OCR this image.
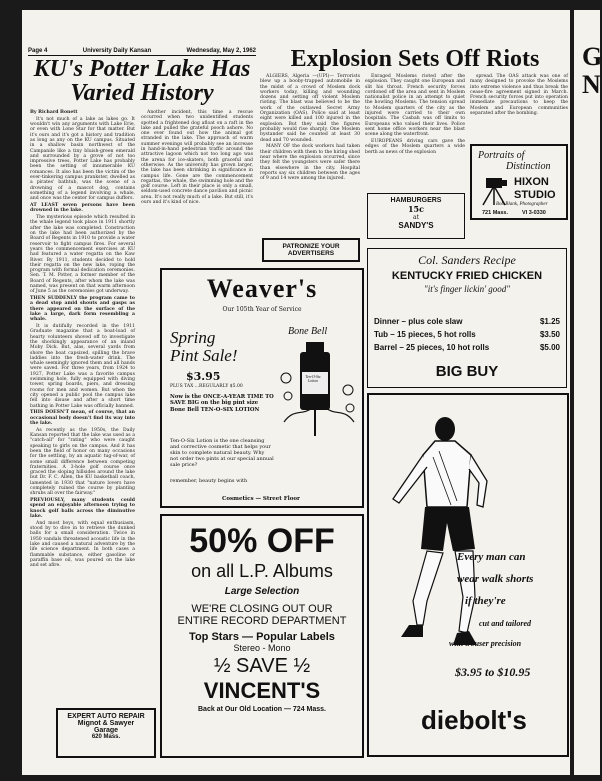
G
N
Page 4	University Daily Kansan	Wednesday, May 2, 1962
KU's Potter Lake Has Varied History

By Richard Bonett

It's not much of a lake as lakes go. It wouldn't win any arguments with Lake Erie, or even with Lone Star for that matter. But it's ours and it's got a history and tradition as long as any on the KU campus. Situated in a shallow basin northwest of the Campanile like a tiny bluish-green emerald and surrounded by a grove of not too impressive trees, Potter Lake has probably been the setting of innumerable KU romances. It also has been the victim of the ever-tinkering campus prankster, dwelled as a pirates' bathtub, was the scene of a drowning of a mascot dog, contains something of a legend involving a whale, and once was the center for campus duffers.

AT LEAST seven persons have been drowned in the lake.

The mysterious episode which resulted in the whale legend took place in 1911 shortly after the lake was completed. Construction on the lake had been authorized by the Board of Regents in 1910 to provide a water reservoir to fight campus fires. For several years the commencement exercises at KU had featured a water regatta on the Kaw River. By 1911, students decided to hold their regatta on the new lake, roping the program with formal dedication ceremonies. Sen. T. M. Potter, a former member of the Board of Regents, after whom the lake was named, was present on that warm afternoon of June 5 as the ceremonies got underway.

THEN SUDDENLY the program came to a dead stop amid shouts and gasps as there appeared on the surface of the lake a large, dark form resembling a whale.

It is dutifully recorded in the 1911 Graduate magazine that a boat-load of hearty volunteers shoved off to investigate the shockingly appearance of an inland Moby Dick. But, alas, several yards from shore the boat capsized, spilling the brave laddies into the fresh-water drink. The whale seemingly ignored them and all hands were saved. For three years, from 1924 to 1927, Potter Lake was a favorite campus swimming hole, fully equipped with diving tower, spring boards, piers, and dressing rooms for men and women. But when the city opened a public pool the campus lake fell into disuse and after a short time bathing in Potter Lake was officially banned.

THIS DOESN'T mean, of course, that an occasional body doesn't find its way into the lake.

As recently as the 1950s, the Daily Kansan reported that the lake was used as a "catch-all" for "rating" who were caught speaking to girls on the campus. And it has been the field of honor on many occasions for the settling, by an aquatic tug-of-war, of some small difference between competing fraternities. A 3-hole golf course once graced the sloping hillsides around the lake but Dr. F. C. Allen, the KU basketball coach, lamented in 1930 that "nature lovers have completely ruined the course by planting shrubs all over the fairway."

PREVIOUSLY, many students could spend an enjoyable afternoon trying to knock golf balls across the diminutive lake.

And most boys, with equal enthusiasm, stood by to dive in to retrieve the dunked balls for a small consideration. Twice in 1950 vandals threatened acoustic life in the lake and caused a natural adventure by the life science department. In both cases a flammable substance, either gasoline or paraffin base oil, was poured on the lake and set afire.

Another incident, this time a rescue occurred when two unidentified students spotted a frightened dog afloat on a raft in the lake and pulled the grateful pooch ashore. No one ever found out how the animal got stranded in the lake. The approach of warm summer evenings will probably see an increase in hand-in-hand pedestrian traffic around the attractive lagoon which not too long ago was the arena for ice-skaters, both graceful and otherwise. As the university has grown larger, the lake has been shrinking in significance in campus life. Gone are the commencement regattas, the whale, the swimming hole and the golf course. Left in their place is only a small, seldom-used concrete dance pavilion and picnic area. It's not really much of a lake. But still, it's ours and it's kind of nice.

Explosion Sets Off Riots

ALGIERS, Algeria —(UPI)— Terrorists blew up a booby-trapped automobile in the midst of a crowd of Moslem dock workers today, killing and wounding dozens and setting off violent Moslem rioting. The blast was believed to be the work of the outlawed Secret Army Organization (OAS). Police said at least eight were killed and 100 injured in the explosion. But they said the figures probably would rise sharply. One Moslem bystander said he counted at least 30 dead and 70 wounded.

MANY OF the dock workers had taken their children with them to the hiring shed near where the explosion occurred, since they felt the youngsters were safer there than elsewhere in the city. Hospital reports say six children between the ages of 9 and 14 were among the injured.

Enraged Moslems rioted after the explosion. They caught one European and slit his throat. French security forces cordoned off the area and sent in Moslem nationalist police in an attempt to quiet the howling Moslems. The tension spread to Moslem quarters of the city as the injured were carried to their own hospitals. The Casbah was off limits to Europeans who valued their lives. Police sent home office workers near the blast scene along the waterfront.

EUROPEANS driving cars gave the edges of the Moslem quarters a wide berth as news of the explosion

spread. The OAS attack was one of many designed to provoke the Moslems into extreme violence and thus break the cease-fire agreement signed in March. French security forces put into operation immediate precautions to keep the Moslem and European communities separated after the bombing.

Portraits of
Distinction
HIXON
STUDIO
Bob Blank, Photographer
721 Mass.	VI 3-0330
HAMBURGERS
15c
at
SANDY'S
PATRONIZE YOUR
ADVERTISERS	Col. Sanders Recipe
KENTUCKY FRIED CHICKEN
"it's finger lickin' good"
Dinner – plus cole slaw	$1.25
Tub – 15 pieces, 5 hot rolls	$3.50
Barrel – 25 pieces, 10 hot rolls	$5.00
BIG BUY
Weaver's
Our 105th Year of Service
Spring
Pint Sale!
$3.95
PLUS TAX ...REGULARLY $5.00
Bone Bell
Ten-O-Six Lotion
Now is the ONCE-A-YEAR TIME TO SAVE BIG on the big pint size Bone Bell TEN-O-SIX LOTION
Ten-O-Six Lotion is the one cleansing and corrective cosmetic that helps your skin to complete natural beauty. Why not order two pints at our special annual sale price?
remember, beauty begins with
Cosmetics — Street Floor
Every man can
wear walk shorts
if they're
cut and tailored
with trouser precision
$3.95 to $10.95
diebolt's
50% OFF
on all L.P. Albums
Large Selection
WE'RE CLOSING OUT OUR
ENTIRE RECORD DEPARTMENT
Top Stars — Popular Labels
Stereo - Mono
½ SAVE ½
VINCENT'S
Back at Our Old Location — 724 Mass.
EXPERT AUTO REPAIR
Mignot & Sawyer
Garage
620 Mass.
